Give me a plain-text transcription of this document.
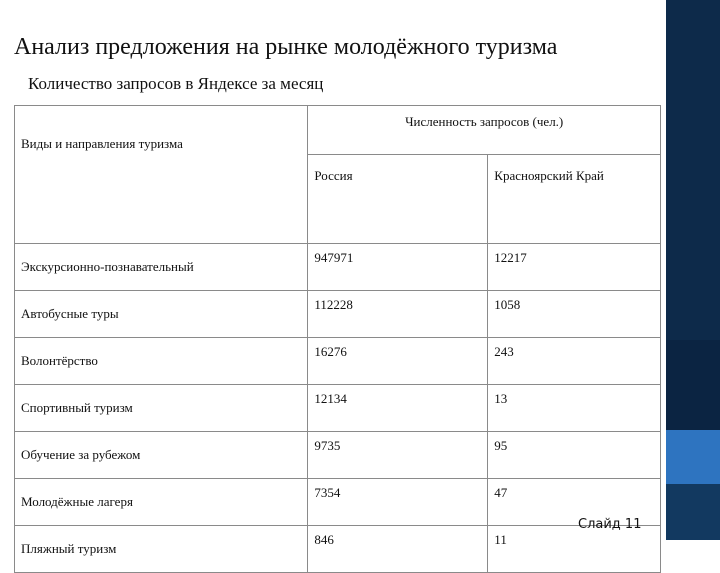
Анализ предложения на рынке молодёжного туризма
Количество запросов в Яндексе за месяц
Виды и направления туризма	Численность запросов (чел.)	
	Россия	Красноярский Край
Экскурсионно-познавательный	947971	12217
Автобусные туры	112228	1058
Волонтёрство	16276	243
Спортивный туризм	12134	13
Обучение за рубежом	9735	95
Молодёжные лагеря	7354	47
Пляжный туризм	846	11
Слайд 11
